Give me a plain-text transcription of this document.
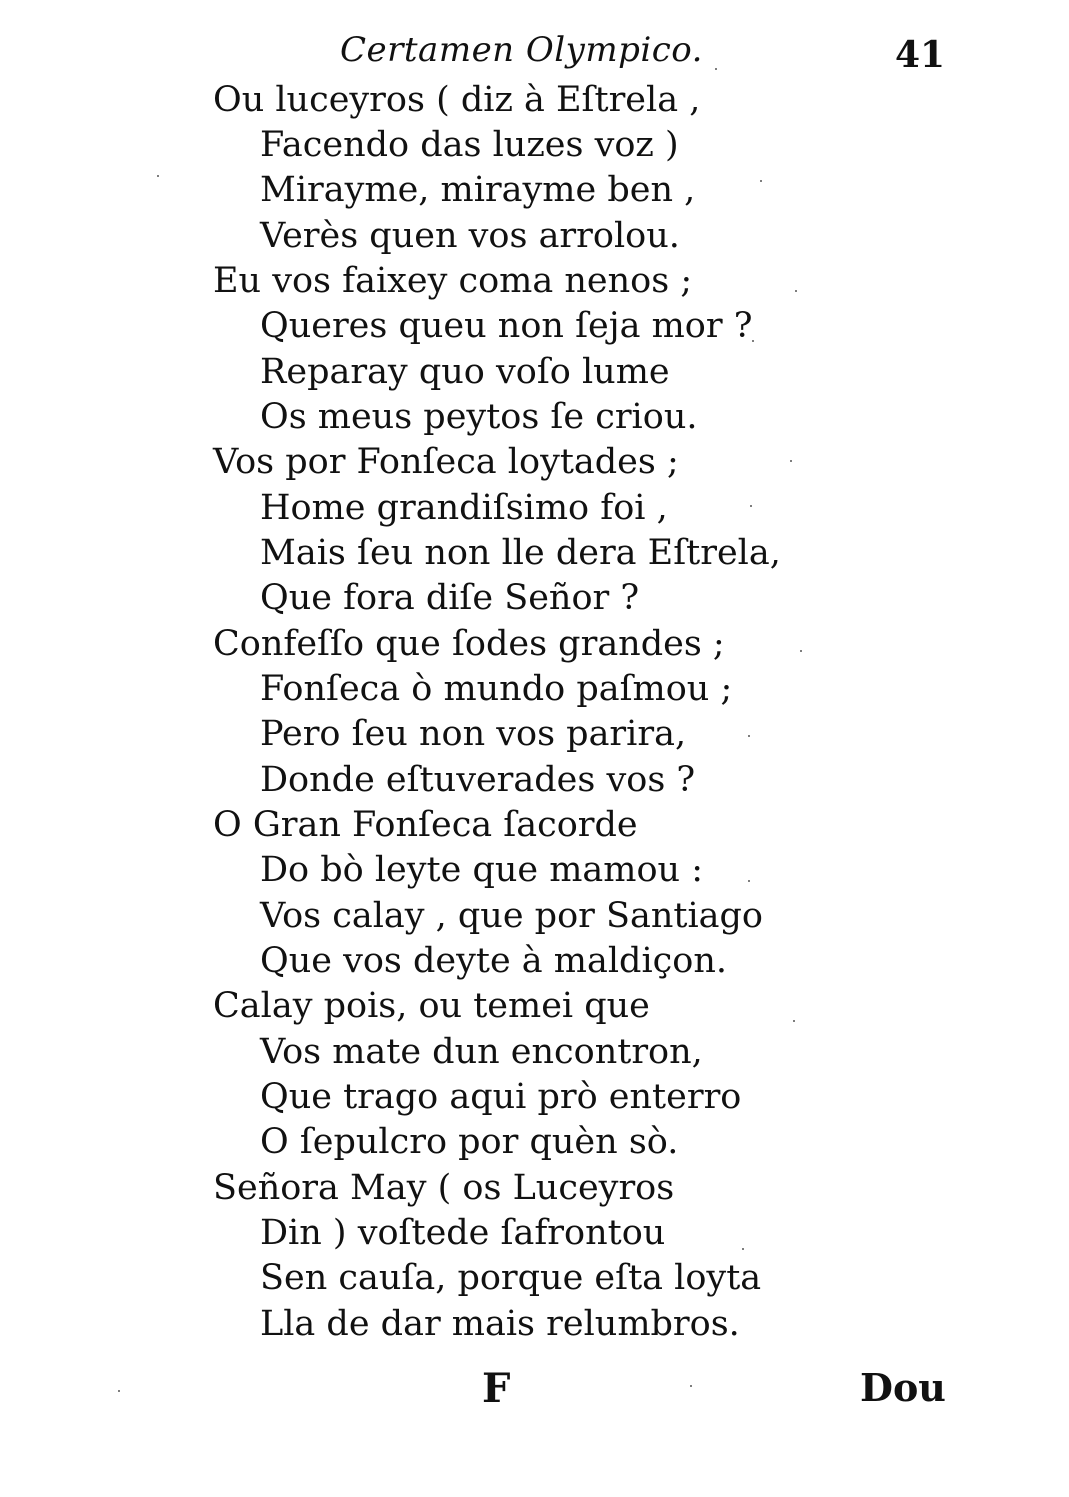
Certamen Olympico.	41
Ou luceyros ( diz à Eſtrela ,
Facendo das luzes voz )
Mirayme, mirayme ben ,
Verès quen vos arrolou.
Eu vos faixey coma nenos ;
Queres queu non ſeja mor ?
Reparay quo voſo lume
Os meus peytos ſe criou.
Vos por Fonſeca loytades ;
Home grandiſsimo foi ,
Mais ſeu non lle dera Eſtrela,
Que fora diſe Señor ?
Confeſſo que ſodes grandes ;
Fonſeca ò mundo paſmou ;
Pero ſeu non vos parira,
Donde eſtuverades vos ?
O Gran Fonſeca ſacorde
Do bò leyte que mamou :
Vos calay , que por Santiago
Que vos deyte à maldiçon.
Calay pois, ou temei que
Vos mate dun encontron,
Que trago aqui prò enterro
O ſepulcro por quèn sò.
Señora May ( os Luceyros
Din ) voſtede ſafrontou
Sen cauſa, porque eſta loyta
Lla de dar mais relumbros.
F	Dou
